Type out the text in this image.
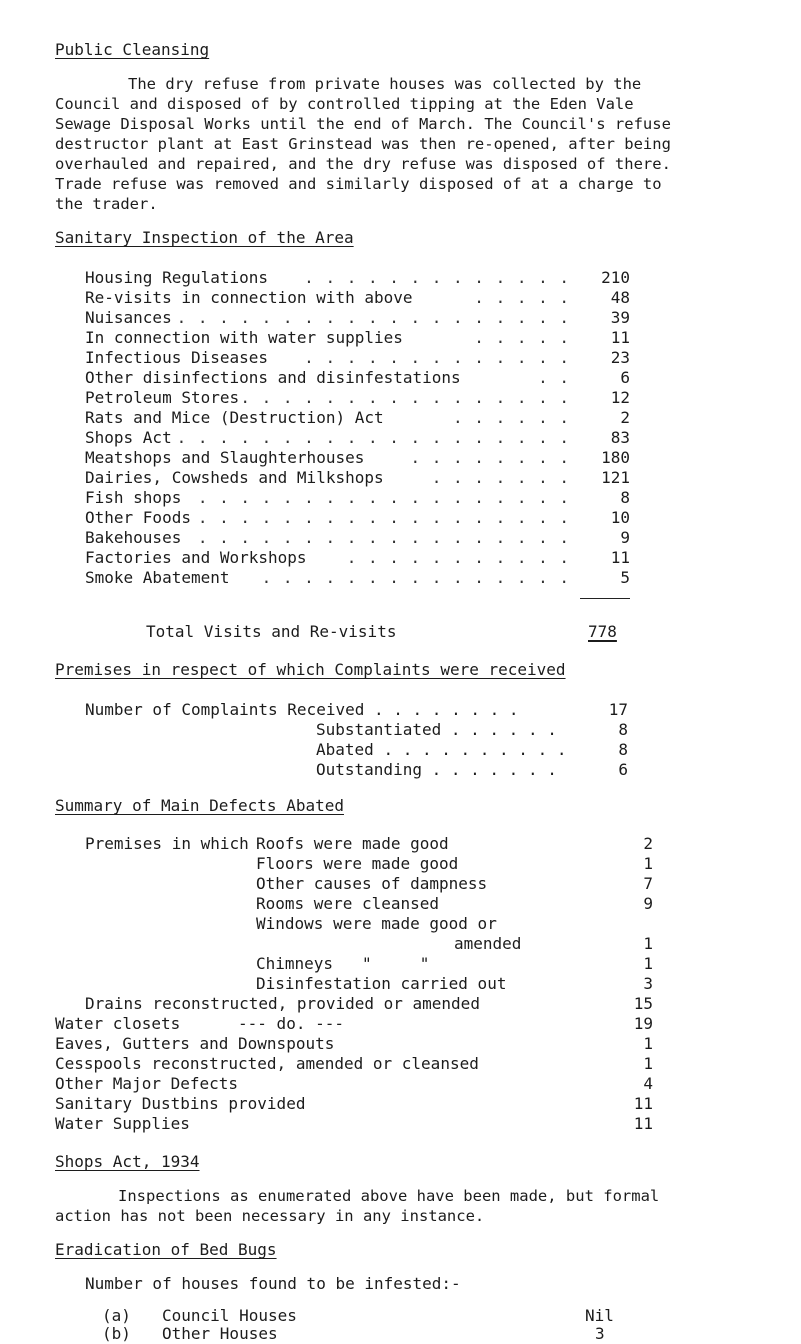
Public Cleansing
The dry refuse from private houses was collected by the
Council and disposed of by controlled tipping at the Eden Vale
Sewage Disposal Works until the end of March. The Council's refuse
destructor plant at East Grinstead was then re-opened, after being
overhauled and repaired, and the dry refuse was disposed of there.
Trade refuse was removed and similarly disposed of at a charge to
the trader.
Sanitary Inspection of the Area
Housing Regulations . . . . . . . . . . . . .	210
Re-visits in connection with above	. . . . .	48
Nuisances . . . . . . . . . . . . . . . . . . .	39
In connection with water supplies	. . . . .	11
Infectious Diseases . . . . . . . . . . . . .	23
Other disinfections and disinfestations	. .	6
Petroleum Stores . . . . . . . . . . . . . . . .	12
Rats and Mice (Destruction) Act	. . . . . .	2
Shops Act . . . . . . . . . . . . . . . . . . .	83
Meatshops and Slaughterhouses	. . . . . . . .	180
Dairies, Cowsheds and Milkshops	. . . . . . .	121
Fish shops . . . . . . . . . . . . . . . . . .	8
Other Foods . . . . . . . . . . . . . . . . . .	10
Bakehouses . . . . . . . . . . . . . . . . . .	9
Factories and Workshops	. . . . . . . . . . .	11
Smoke Abatement . . . . . . . . . . . . . . .	5
Total Visits and Re-visits	778
Premises in respect of which Complaints were received
Number of Complaints Received . . . . . . . .	17
Substantiated . . . . . .	8
Abated . . . . . . . . . .	8
Outstanding . . . . . . .	6
Summary of Main Defects Abated
Premises in which Roofs were made good	2
Floors were made good	1
Other causes of dampness	7
Rooms were cleansed	9
Windows were made good or
amended	1
Chimneys   "     "	1
Disinfestation carried out	3
Drains reconstructed, provided or amended	15
Water closets      --- do. ---	19
Eaves, Gutters and Downspouts	1
Cesspools reconstructed, amended or cleansed	1
Other Major Defects	4
Sanitary Dustbins provided	11
Water Supplies	11
Shops Act, 1934
Inspections as enumerated above have been made, but formal
action has not been necessary in any instance.
Eradication of Bed Bugs
Number of houses found to be infested:-
(a) Council Houses	Nil
(b) Other Houses	3
